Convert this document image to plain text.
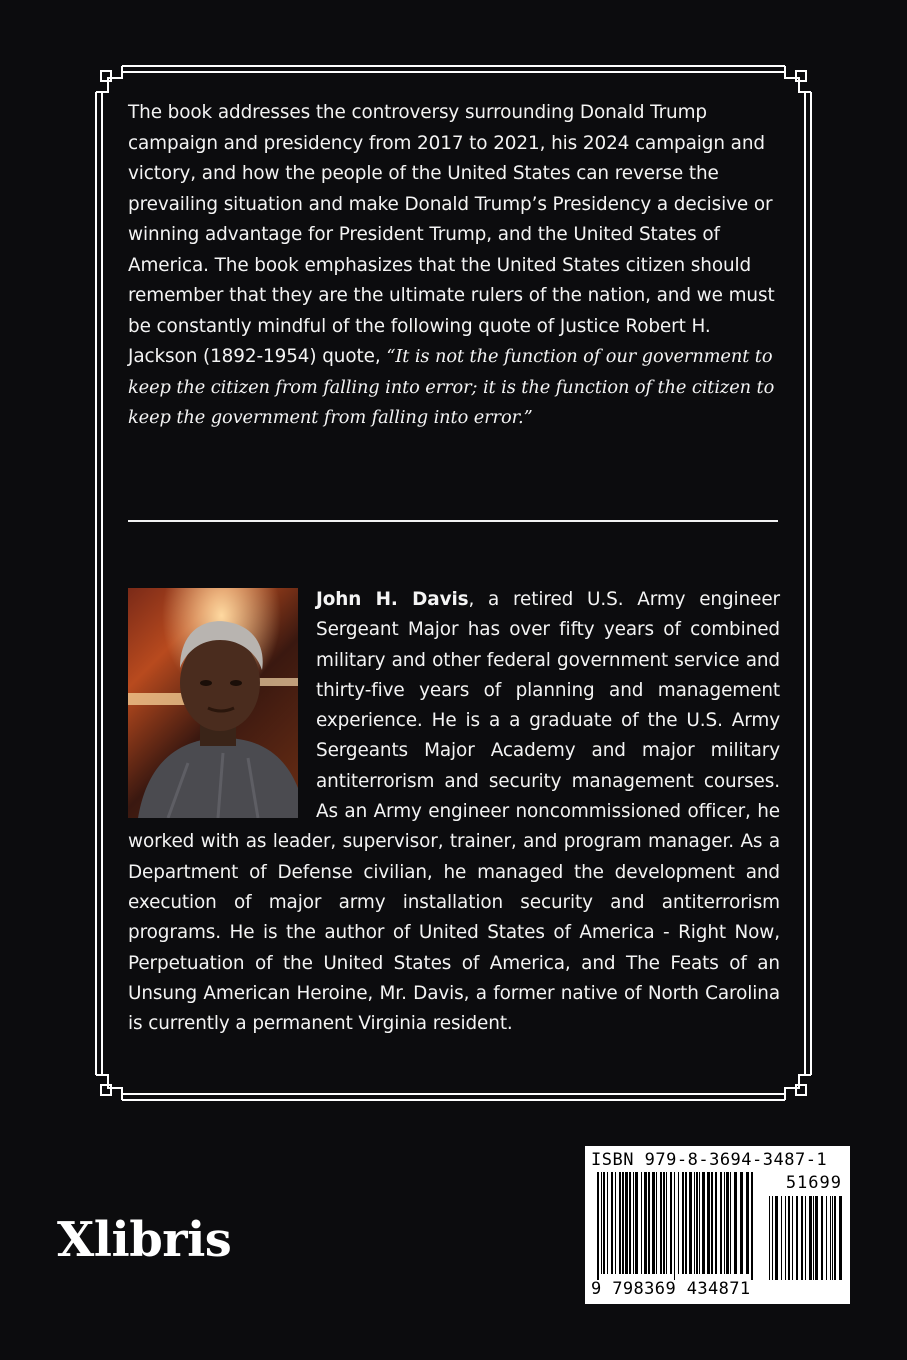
The book addresses the controversy surrounding Donald Trump campaign and presidency from 2017 to 2021, his 2024 campaign and victory, and how the people of the United States can reverse the prevailing situation and make Donald Trump’s Presidency a decisive or winning advantage for President Trump, and the United States of America. The book emphasizes that the United States citizen should remember that they are the ultimate rulers of the nation, and we must be constantly mindful of the following quote of Justice Robert H. Jackson (1892-1954) quote, “It is not the function of our government to keep the citizen from falling into error; it is the function of the citizen to keep the government from falling into error.”
John H. Davis, a retired U.S. Army engineer Sergeant Major has over fifty years of combined military and other federal government service and thirty-five years of planning and management experience. He is a a graduate of the U.S. Army Sergeants Major Academy and major military antiterrorism and security management courses. As an Army engineer noncommissioned officer, he worked with as leader, supervisor, trainer, and program manager. As a Department of Defense civilian, he managed the development and execution of major army installation security and antiterrorism programs. He is the author of United States of America - Right Now, Perpetuation of the United States of America, and The Feats of an Unsung American Heroine, Mr. Davis, a former native of North Carolina is currently a permanent Virginia resident.
Xlibris
ISBN 979-8-3694-3487-1
51699
9 798369 434871
